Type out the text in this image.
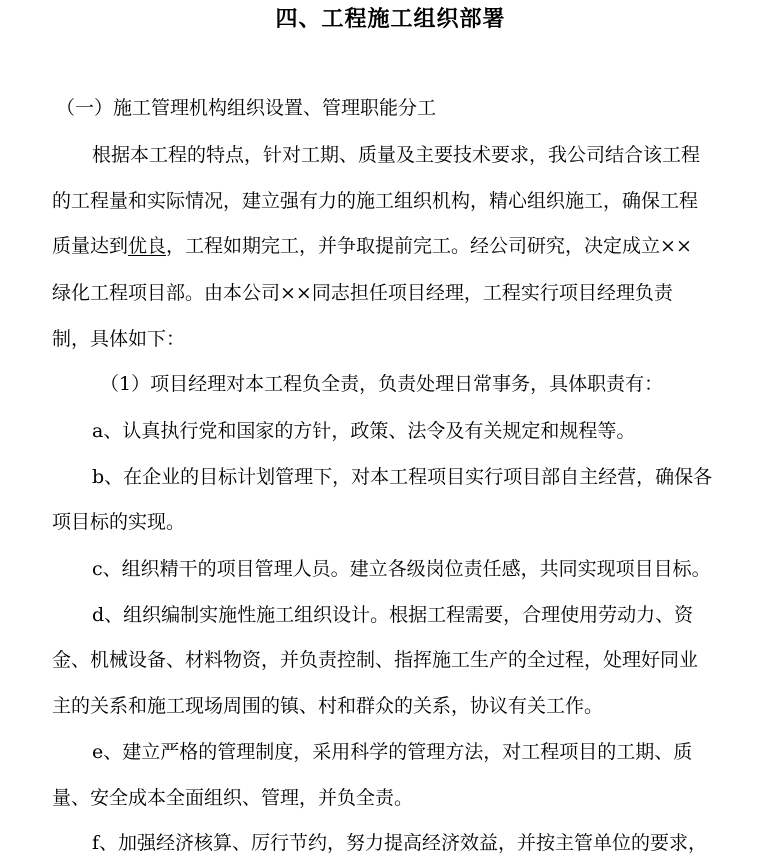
四、工程施工组织部署
（一）施工管理机构组织设置、管理职能分工
根据本工程的特点，针对工期、质量及主要技术要求，我公司结合该工程
的工程量和实际情况，建立强有力的施工组织机构，精心组织施工，确保工程
质量达到优良，工程如期完工，并争取提前完工。经公司研究，决定成立××
绿化工程项目部。由本公司××同志担任项目经理，工程实行项目经理负责
制，具体如下：
（1）项目经理对本工程负全责，负责处理日常事务，具体职责有：
a、认真执行党和国家的方针，政策、法令及有关规定和规程等。
b、在企业的目标计划管理下，对本工程项目实行项目部自主经营，确保各
项目标的实现。
c、组织精干的项目管理人员。建立各级岗位责任感，共同实现项目目标。
d、组织编制实施性施工组织设计。根据工程需要，合理使用劳动力、资
金、机械设备、材料物资，并负责控制、指挥施工生产的全过程，处理好同业
主的关系和施工现场周围的镇、村和群众的关系，协议有关工作。
e、建立严格的管理制度，采用科学的管理方法，对工程项目的工期、质
量、安全成本全面组织、管理，并负全责。
f、加强经济核算、厉行节约，努力提高经济效益，并按主管单位的要求，
